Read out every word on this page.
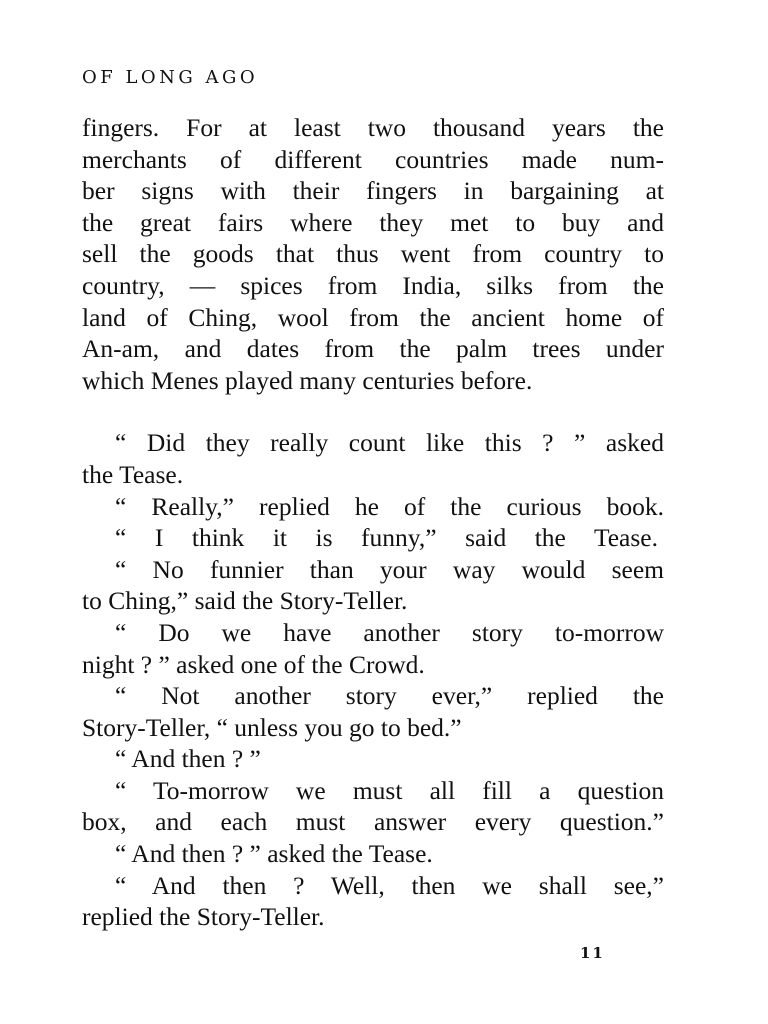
OF LONG AGO

fingers. For at least two thousand years the
merchants of different countries made num-
ber signs with their fingers in bargaining at
the great fairs where they met to buy and
sell the goods that thus went from country to
country, — spices from India, silks from the
land of Ching, wool from the ancient home of
An-am, and dates from the palm trees under
which Menes played many centuries before.

“ Did they really count like this ? ” asked
the Tease.

“ Really,” replied he of the curious book.

“ I think it is funny,” said the Tease.

“ No funnier than your way would seem
to Ching,” said the Story-Teller.

“ Do we have another story to-morrow
night ? ” asked one of the Crowd.

“ Not another story ever,” replied the
Story-Teller, “ unless you go to bed.”

“ And then ? ”

“ To-morrow we must all fill a question
box, and each must answer every question.”

“ And then ? ” asked the Tease.

“ And then ? Well, then we shall see,”
replied the Story-Teller.

11
